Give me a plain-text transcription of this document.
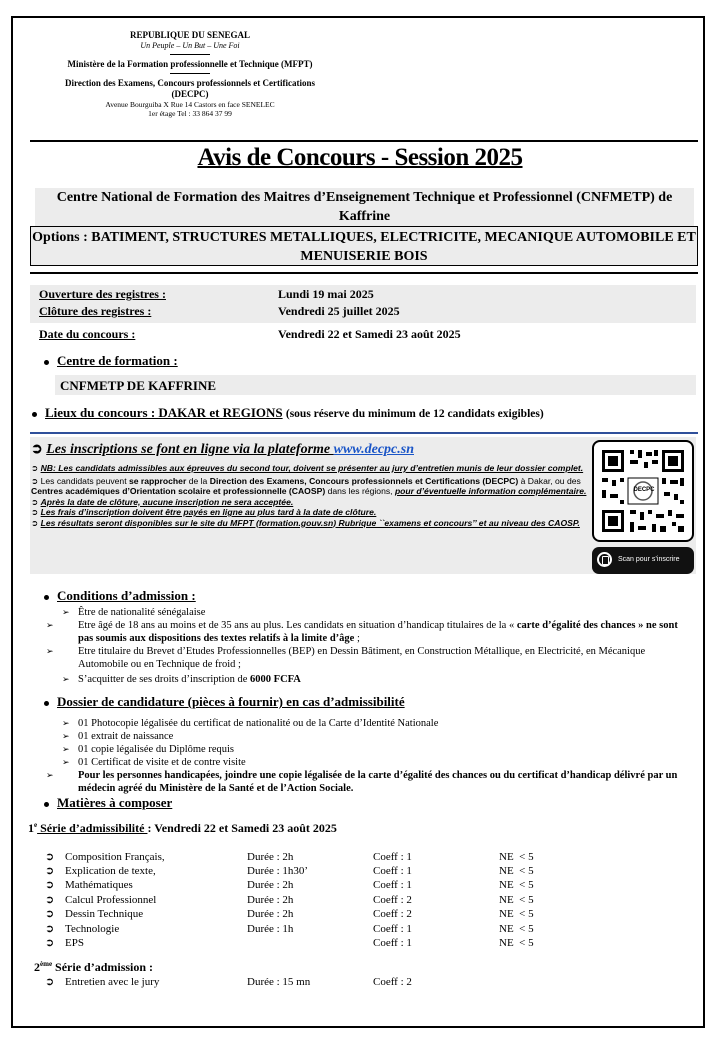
REPUBLIQUE DU SENEGAL
Un Peuple – Un But – Une Foi
Ministère de la Formation professionnelle et Technique (MFPT)
Direction des Examens, Concours professionnels et Certifications (DECPC)
Avenue Bourguiba X Rue 14 Castors en face SENELEC
1er étage Tel : 33 864 37 99
Avis de Concours - Session 2025
Centre National de Formation des Maitres d’Enseignement Technique et Professionnel (CNFMETP) de Kaffrine
Options : BATIMENT, STRUCTURES METALLIQUES, ELECTRICITE, MECANIQUE AUTOMOBILE ET MENUISERIE BOIS
Ouverture des registres :	Lundi 19 mai 2025
Clôture des registres :	Vendredi 25 juillet 2025
Date du concours :	Vendredi 22 et Samedi 23 août 2025
Centre de formation :
CNFMETP DE KAFFRINE
Lieux du concours : DAKAR et REGIONS (sous réserve du minimum de 12 candidats exigibles)
➲ Les inscriptions se font en ligne via la plateforme www.decpc.sn
➲ NB: Les candidats admissibles aux épreuves du second tour, doivent se présenter au jury d’entretien munis de leur dossier complet.
➲ Les candidats peuvent se rapprocher de la Direction des Examens, Concours professionnels et Certifications (DECPC) à Dakar, ou des Centres académiques d’Orientation scolaire et professionnelle (CAOSP) dans les régions, pour d’éventuelle information complémentaire.
➲ Après la date de clôture, aucune inscription ne sera acceptée.
➲ Les frais d’inscription doivent être payés en ligne au plus tard à la date de clôture.
➲ Les résultats seront disponibles sur le site du MFPT (formation.gouv.sn) Rubrique ``examens et concours’’ et au niveau des CAOSP.
DECPC
Scan pour s’inscrire
Conditions d’admission :
➢ Être de nationalité sénégalaise
➢ Etre âgé de 18 ans au moins et de 35 ans au plus. Les candidats en situation d’handicap titulaires de la « carte d’égalité des chances » ne sont pas soumis aux dispositions des textes relatifs à la limite d’âge ;
➢ Etre titulaire du Brevet d’Etudes Professionnelles (BEP) en Dessin Bâtiment, en Construction Métallique, en Electricité, en Mécanique Automobile ou en Technique de froid ;
➢ S’acquitter de ses droits d’inscription de 6000 FCFA
Dossier de candidature (pièces à fournir) en cas d’admissibilité
➢ 01 Photocopie légalisée du certificat de nationalité ou de la Carte d’Identité Nationale
➢ 01 extrait de naissance
➢ 01 copie légalisée du Diplôme requis
➢ 01 Certificat de visite et de contre visite
➢ Pour les personnes handicapées, joindre une copie légalisée de la carte d’égalité des chances ou du certificat d’handicap délivré par un médecin agréé du Ministère de la Santé et de l’Action Sociale.
Matières à composer
1e Série d’admissibilité : Vendredi 22 et Samedi 23 août 2025
➲ Composition Français,	Durée : 2h	Coeff : 1	NE  < 5
➲ Explication de texte,	Durée : 1h30’	Coeff : 1	NE  < 5
➲ Mathématiques	Durée : 2h	Coeff : 1	NE  < 5
➲ Calcul Professionnel	Durée : 2h	Coeff : 2	NE  < 5
➲ Dessin Technique	Durée : 2h	Coeff : 2	NE  < 5
➲ Technologie	Durée : 1h	Coeff : 1	NE  < 5
➲ EPS	Coeff : 1	NE  < 5
2ème Série d’admission :
➲ Entretien avec le jury	Durée : 15 mn	Coeff : 2
